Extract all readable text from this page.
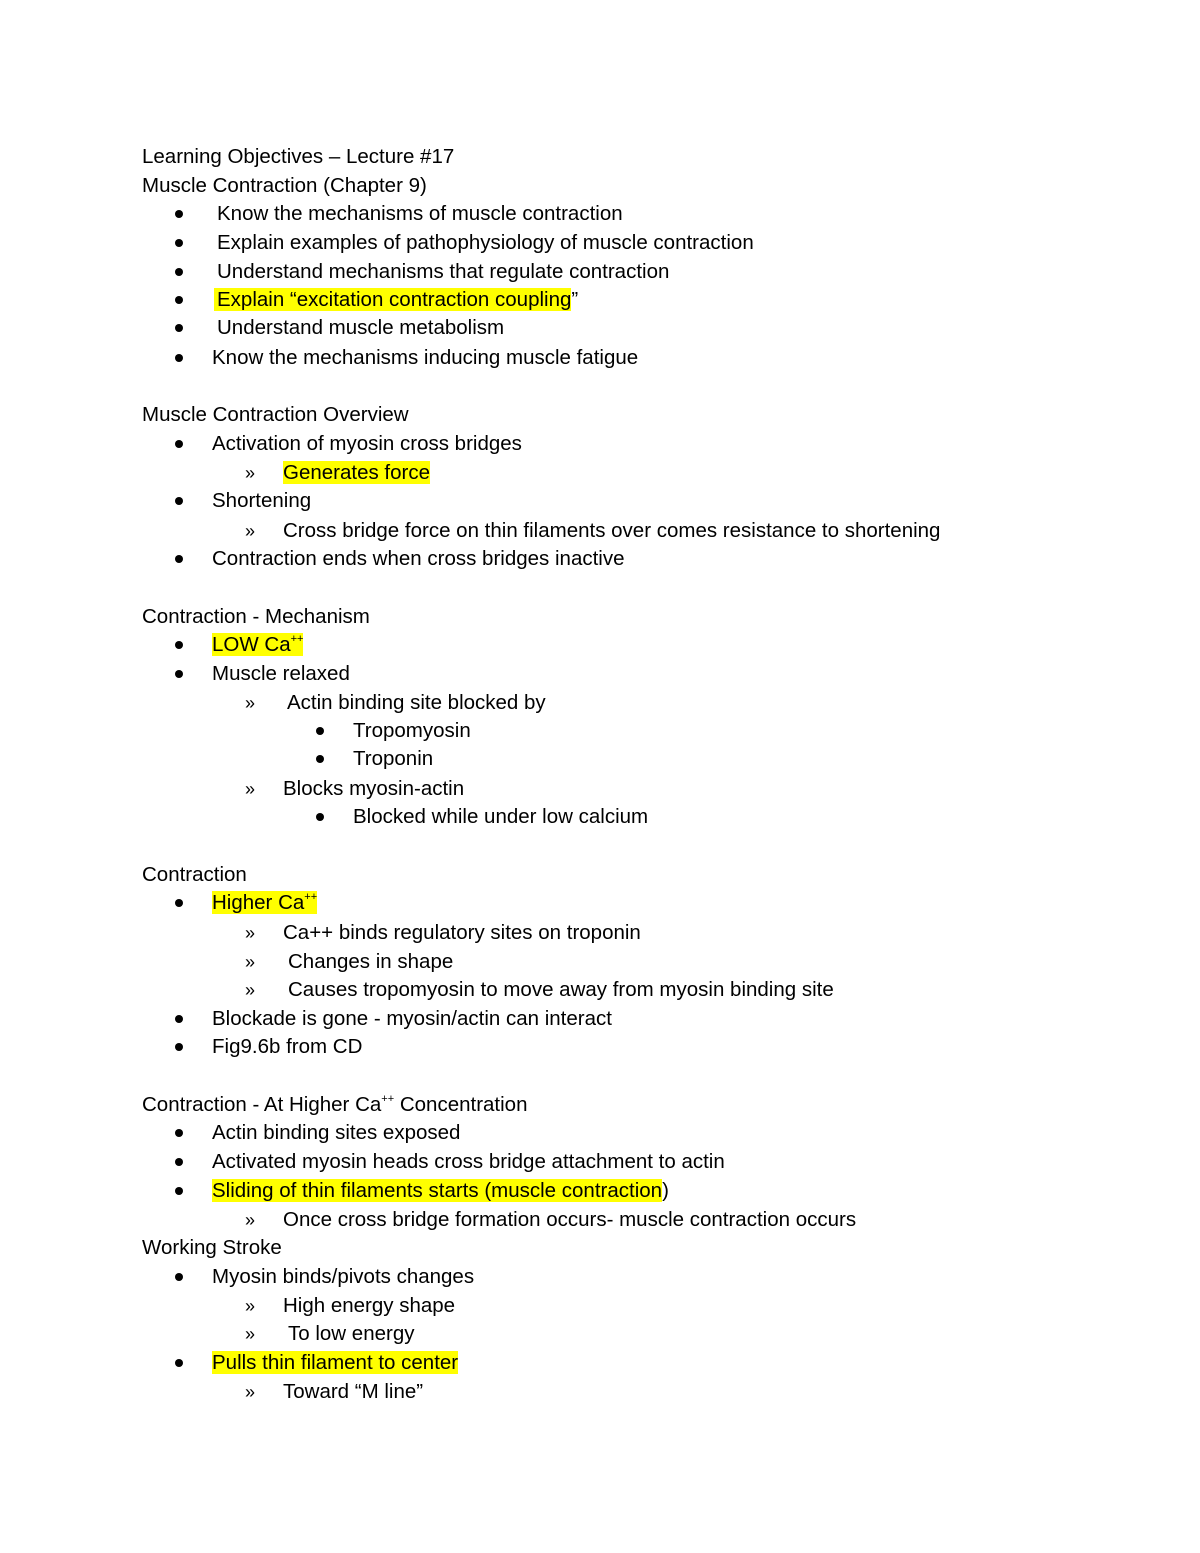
Learning Objectives – Lecture #17
Muscle Contraction (Chapter 9)
Know the mechanisms of muscle contraction
Explain examples of pathophysiology of muscle contraction
Understand mechanisms that regulate contraction
Explain “excitation contraction coupling”
Understand muscle metabolism
Know the mechanisms inducing muscle fatigue
Muscle Contraction Overview
Activation of myosin cross bridges
» Generates force
Shortening
» Cross bridge force on thin filaments over comes resistance to shortening
Contraction ends when cross bridges inactive
Contraction - Mechanism
LOW Ca++
Muscle relaxed
» Actin binding site blocked by
Tropomyosin
Troponin
» Blocks myosin-actin
Blocked while under low calcium
Contraction
Higher Ca++
» Ca++ binds regulatory sites on troponin
» Changes in shape
» Causes tropomyosin to move away from myosin binding site
Blockade is gone - myosin/actin can interact
Fig9.6b from CD
Contraction - At Higher Ca++ Concentration
Actin binding sites exposed
Activated myosin heads cross bridge attachment to actin
Sliding of thin filaments starts (muscle contraction)
» Once cross bridge formation occurs- muscle contraction occurs
Working Stroke
Myosin binds/pivots changes
» High energy shape
» To low energy
Pulls thin filament to center
» Toward “M line”
